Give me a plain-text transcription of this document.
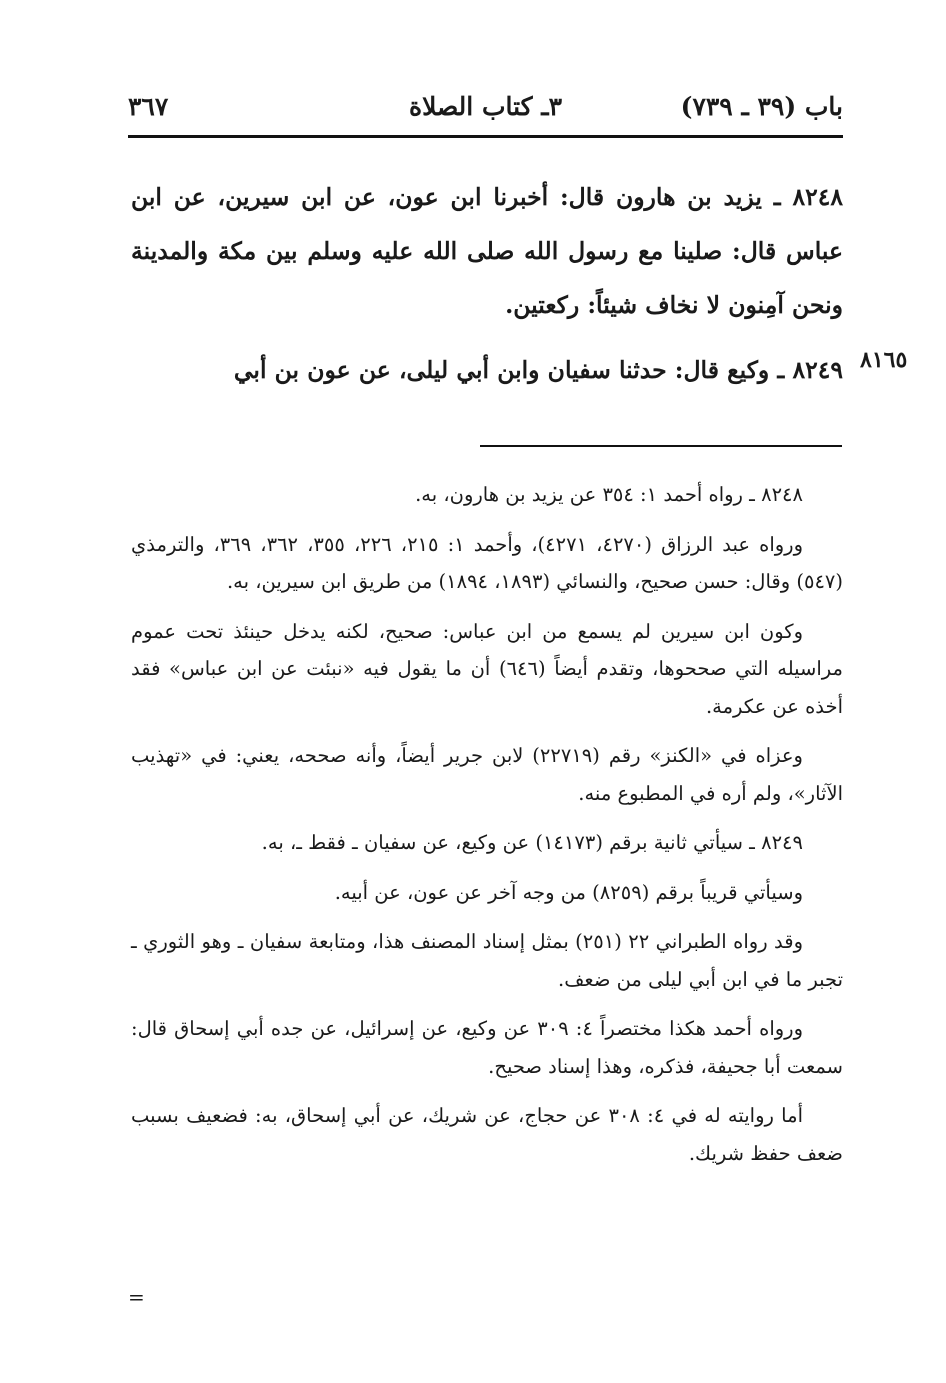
باب (٣٩ ـ ٧٣٩)
٣ـ كتاب الصلاة
٣٦٧
٨٢٤٨ ـ يزيد بن هارون قال: أخبرنا ابن عون، عن ابن سيرين، عن ابن عباس قال: صلينا مع رسول الله صلى الله عليه وسلم بين مكة والمدينة ونحن آمِنون لا نخاف شيئاً: ركعتين.
٨٢٤٩ ـ وكيع قال: حدثنا سفيان وابن أبي ليلى، عن عون بن أبي ٨١٦٥

٨٢٤٨ ـ رواه أحمد ١: ٣٥٤ عن يزيد بن هارون، به.

ورواه عبد الرزاق (٤٢٧٠، ٤٢٧١)، وأحمد ١: ٢١٥، ٢٢٦، ٣٥٥، ٣٦٢، ٣٦٩، والترمذي (٥٤٧) وقال: حسن صحيح، والنسائي (١٨٩٣، ١٨٩٤) من طريق ابن سيرين، به.

وكون ابن سيرين لم يسمع من ابن عباس: صحيح، لكنه يدخل حينئذ تحت عموم مراسيله التي صححوها، وتقدم أيضاً (٦٤٦) أن ما يقول فيه «نبئت عن ابن عباس» فقد أخذه عن عكرمة.

وعزاه في «الكنز» رقم (٢٢٧١٩) لابن جرير أيضاً، وأنه صححه، يعني: في «تهذيب الآثار»، ولم أره في المطبوع منه.

٨٢٤٩ ـ سيأتي ثانية برقم (١٤١٧٣) عن وكيع، عن سفيان ـ فقط ـ، به.

وسيأتي قريباً برقم (٨٢٥٩) من وجه آخر عن عون، عن أبيه.

وقد رواه الطبراني ٢٢ (٢٥١) بمثل إسناد المصنف هذا، ومتابعة سفيان ـ وهو الثوري ـ تجبر ما في ابن أبي ليلى من ضعف.

ورواه أحمد هكذا مختصراً ٤: ٣٠٩ عن وكيع، عن إسرائيل، عن جده أبي إسحاق قال: سمعت أبا جحيفة، فذكره، وهذا إسناد صحيح.

أما روايته له في ٤: ٣٠٨ عن حجاج، عن شريك، عن أبي إسحاق، به: فضعيف بسبب ضعف حفظ شريك.

=
